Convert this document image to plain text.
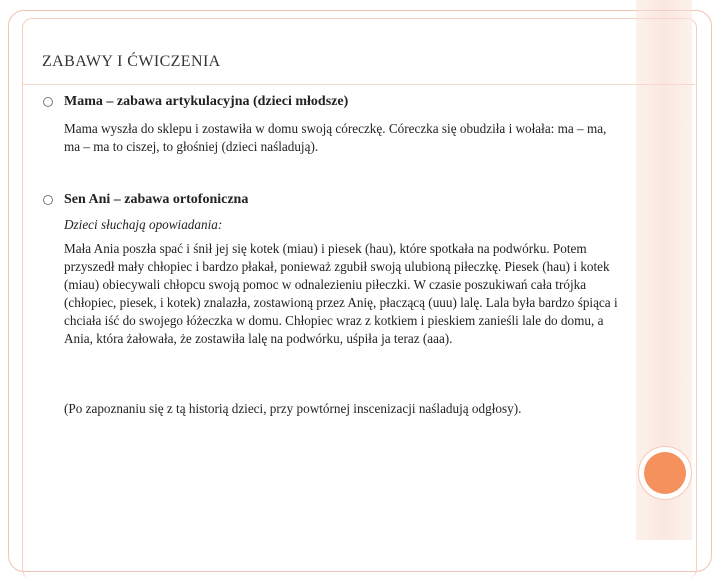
ZABAWY I ĆWICZENIA
Mama – zabawa artykulacyjna (dzieci młodsze)
Mama wyszła do sklepu i zostawiła w domu swoją córeczkę. Córeczka się obudziła i wołała: ma – ma, ma – ma to ciszej, to głośniej (dzieci naśladują).
Sen Ani – zabawa ortofoniczna
Dzieci słuchają opowiadania:
Mała Ania poszła spać i śnił jej się kotek (miau) i piesek (hau), które spotkała na podwórku. Potem przyszedł mały chłopiec i bardzo płakał, ponieważ zgubił swoją ulubioną piłeczkę. Piesek (hau) i kotek (miau) obiecywali chłopcu swoją pomoc w odnalezieniu piłeczki. W czasie poszukiwań cała trójka (chłopiec, piesek, i kotek) znalazła, zostawioną przez Anię, płaczącą (uuu) lalę. Lala była bardzo śpiąca i chciała iść do swojego łóżeczka w domu. Chłopiec wraz z kotkiem i pieskiem zanieśli lale do domu, a Ania, która żałowała, że zostawiła lalę na podwórku, uśpiła ja teraz (aaa).
(Po zapoznaniu się z tą historią dzieci, przy powtórnej inscenizacji naśladują odgłosy).
